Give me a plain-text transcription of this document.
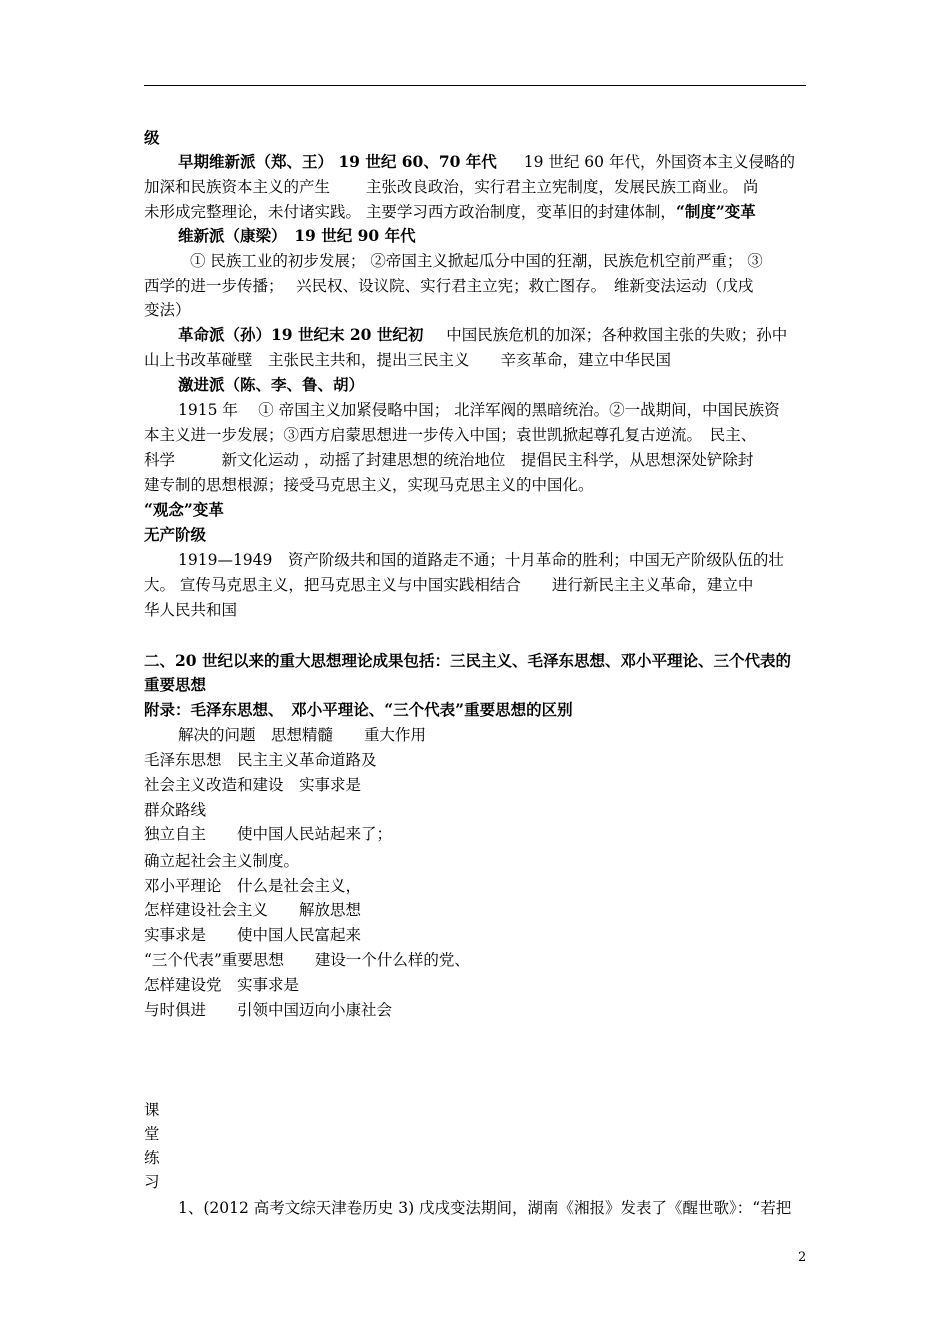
级
早期维新派（郑、王） 19 世纪 60、70 年代 19 世纪 60 年代，外国资本主义侵略的
加深和民族资本主义的产生　　 主张改良政治，实行君主立宪制度，发展民族工商业。 尚
未形成完整理论，未付诸实践。 主要学习西方政治制度，变革旧的封建体制，“制度”变革
维新派（康梁）　19 世纪 90 年代
① 民族工业的初步发展； ②帝国主义掀起瓜分中国的狂潮，民族危机空前严重； ③
西学的进一步传播；　 兴民权、设议院、实行君主立宪；救亡图存。　维新变法运动（戊戌
变法）
革命派（孙）19 世纪末 20 世纪初 中国民族危机的加深；各种救国主张的失败；孙中
山上书改革碰壁　主张民主共和，提出三民主义　　辛亥革命，建立中华民国
激进派（陈、李、鲁、胡）
1915 年　 ① 帝国主义加紧侵略中国； 北洋军阀的黑暗统治。②一战期间，中国民族资
本主义进一步发展；③西方启蒙思想进一步传入中国；袁世凯掀起尊孔复古逆流。　民主、
科学　　　新文化运动 ，动摇了封建思想的统治地位　提倡民主科学，从思想深处铲除封
建专制的思想根源；接受马克思主义，实现马克思主义的中国化。
“观念”变革
无产阶级
1919—1949　资产阶级共和国的道路走不通；十月革命的胜利；中国无产阶级队伍的壮
大。 宣传马克思主义，把马克思主义与中国实践相结合　　进行新民主主义革命，建立中
华人民共和国
二、20 世纪以来的重大思想理论成果包括：三民主义、毛泽东思想、邓小平理论、三个代表的
重要思想
附录：毛泽东思想、　邓小平理论、“三个代表”重要思想的区别
解决的问题　思想精髓　　重大作用
毛泽东思想　民主主义革命道路及
社会主义改造和建设　实事求是
群众路线
独立自主　　使中国人民站起来了；
确立起社会主义制度。
邓小平理论　什么是社会主义，
怎样建设社会主义　　解放思想
实事求是　　使中国人民富起来
“三个代表”重要思想　　建设一个什么样的党、
怎样建设党　实事求是
与时俱进　　引领中国迈向小康社会
课
堂
练
习
1、(2012 高考文综天津卷历史 3) 戊戌变法期间，湖南《湘报》发表了《醒世歌》：“若把
2
